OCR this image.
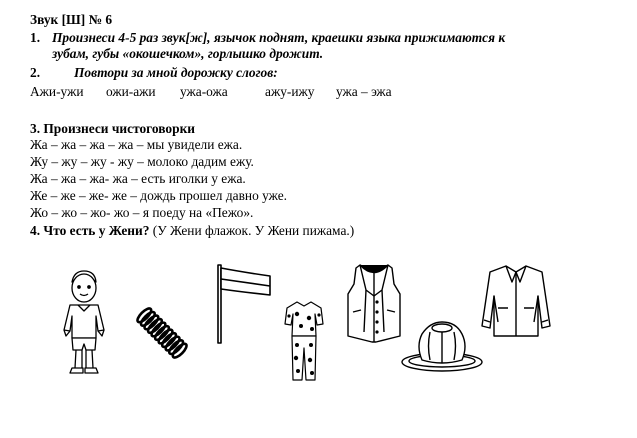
Звук [Ш] № 6
1. Произнеси 4-5 раз звук[ж], язычок поднят, краешки языка прижимаются к
зубам, губы «окошечком», горлышко дрожит.
2.	Повтори за мной дорожку слогов:
Ажи-ужи ожи-ажи ужа-ожа	ажу-ижу ужа – эжа
3. Произнеси чистоговорки
Жа – жа – жа – жа – мы увидели ежа.
Жу – жу – жу - жу – молоко дадим ежу.
Жа – жа – жа- жа – есть иголки у ежа.
Же – же – же- же – дождь прошел давно уже.
Жо – жо – жо- жо – я поеду на «Пежо».
4. Что есть у Жени? (У Жени флажок. У Жени пижама.)
